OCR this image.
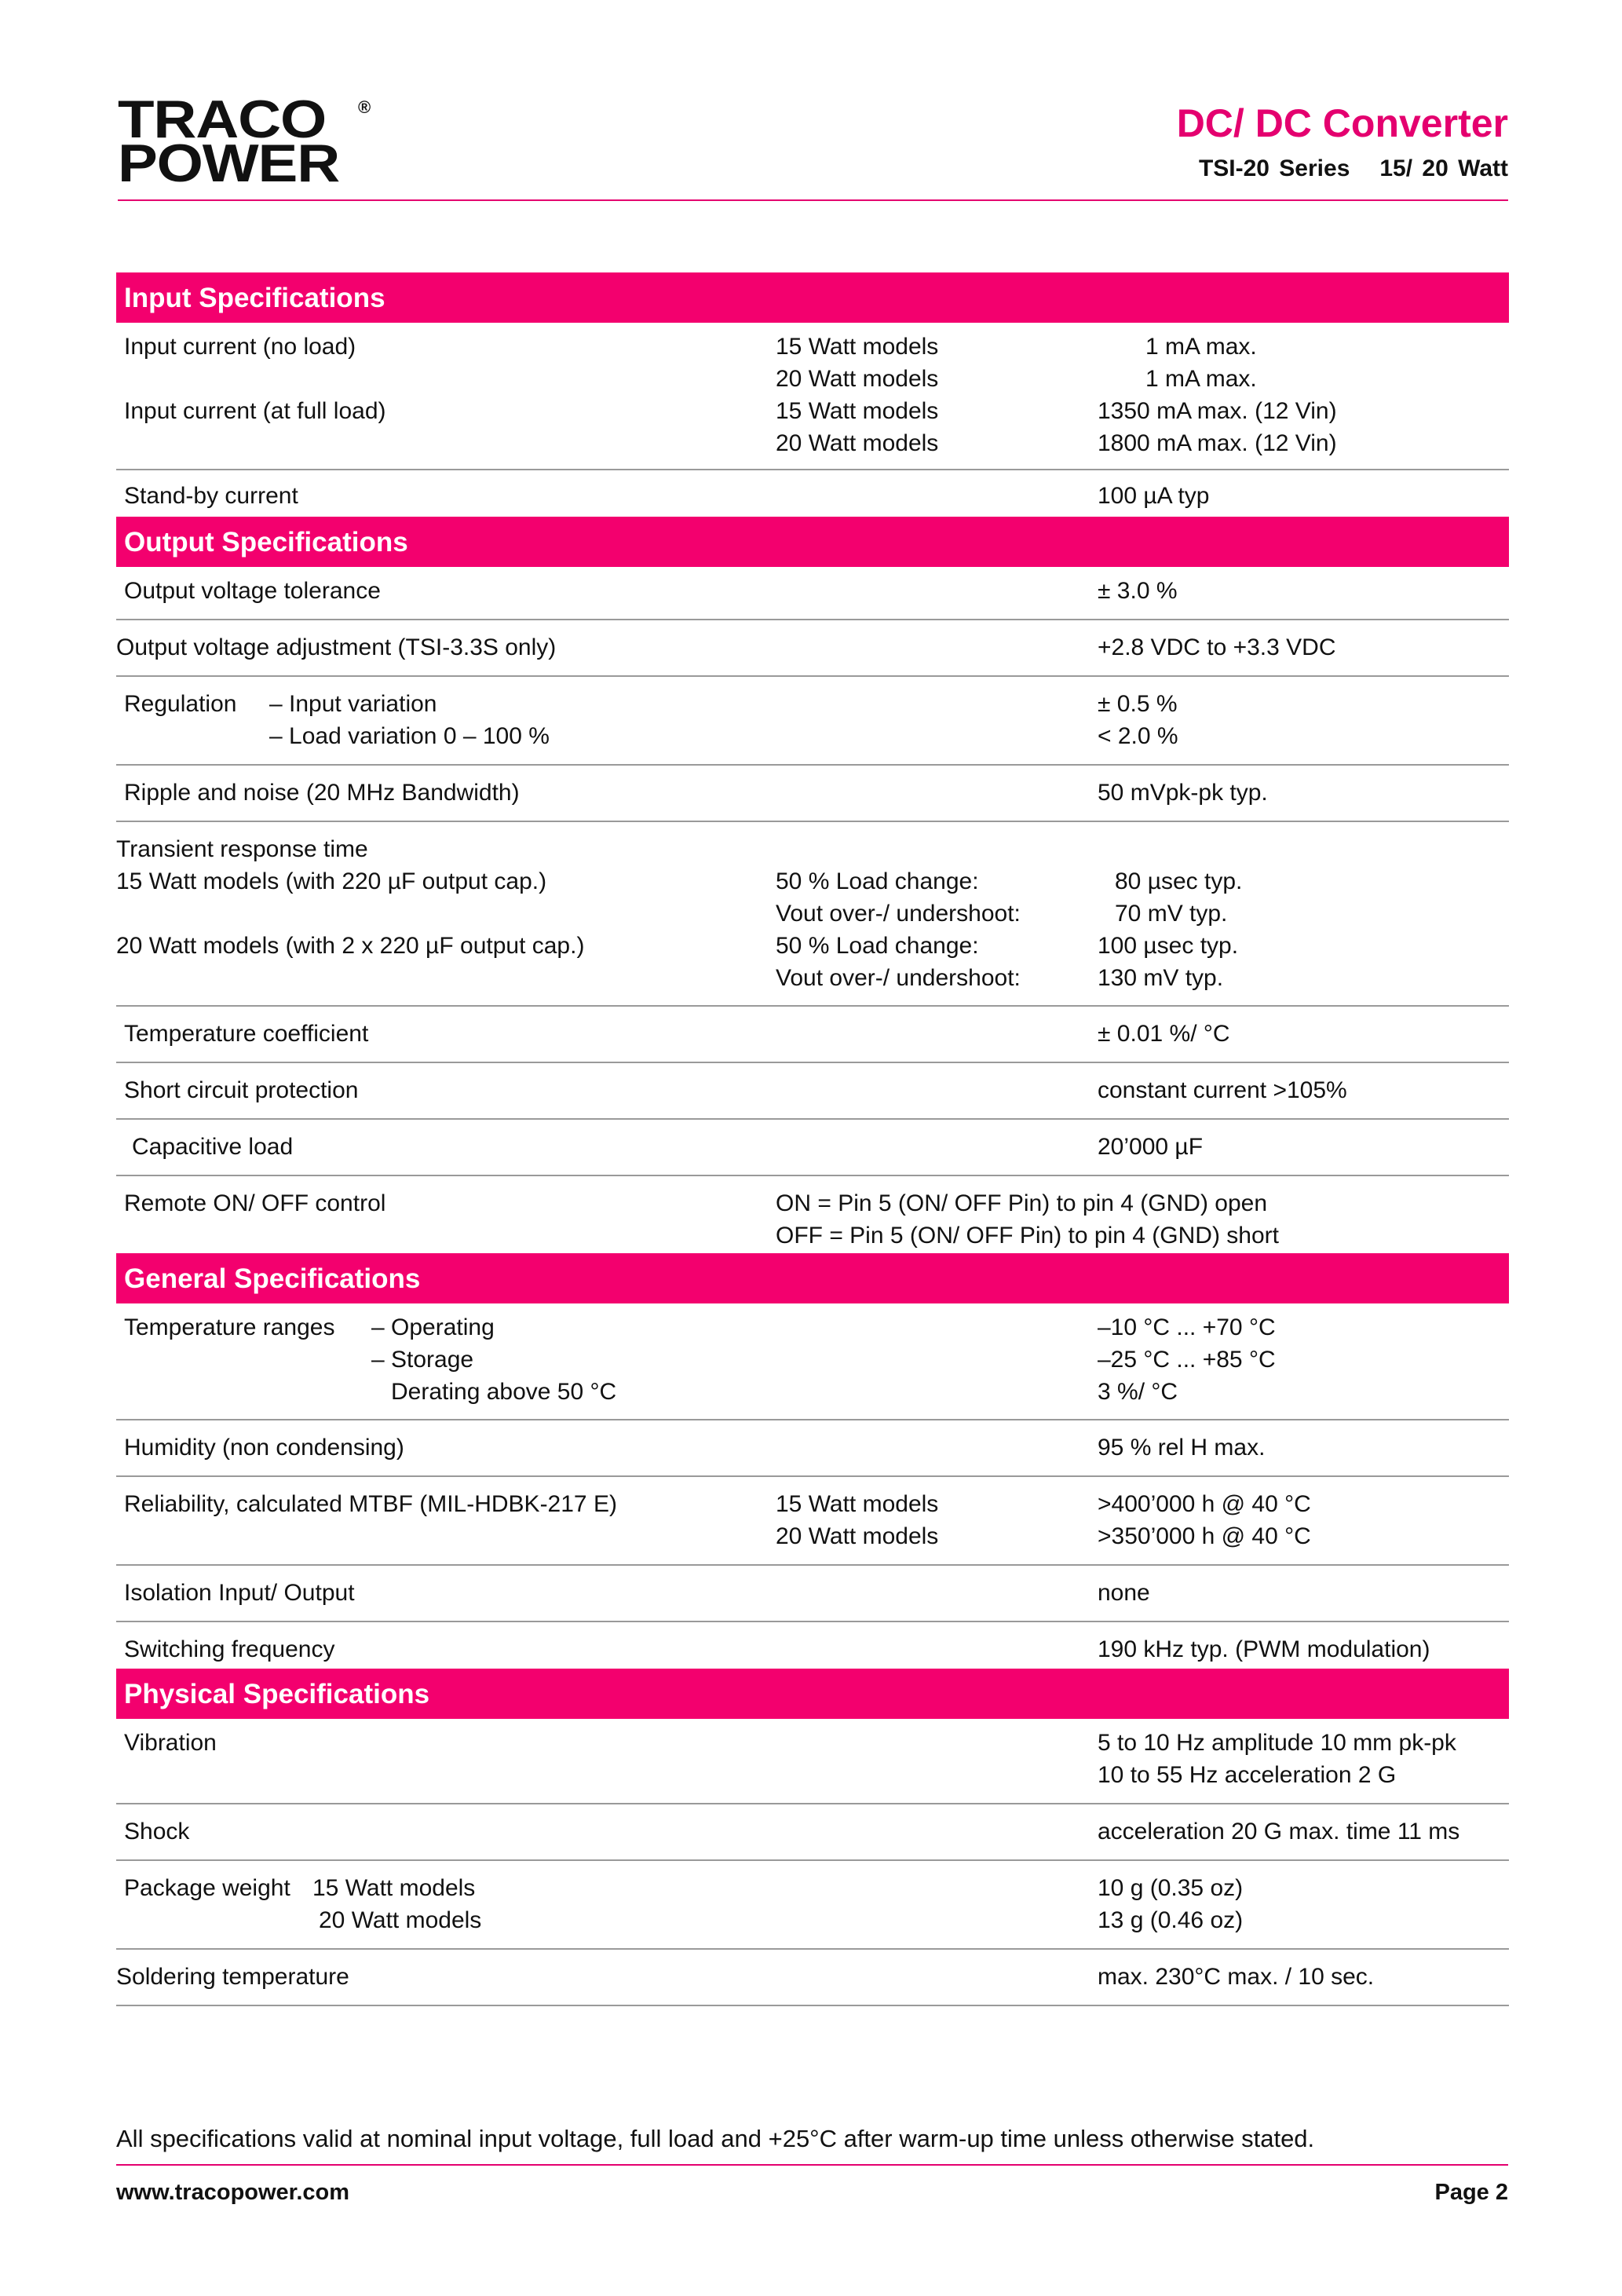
TRACO
POWER
®	DC/ DC Converter
TSI-20 Series 15/ 20 Watt
Input Specifications
Input current (no load)	15 Watt models	1 mA max.
20 Watt models	1 mA max.
Input current (at full load)	15 Watt models	1350 mA max. (12 Vin)
20 Watt models	1800 mA max. (12 Vin)
Stand-by current	100 µA typ
Output Specifications
Output voltage tolerance	± 3.0 %
Output voltage adjustment (TSI-3.3S only)	+2.8 VDC to +3.3 VDC
Regulation – Input variation	± 0.5 %
– Load variation 0 – 100 %	< 2.0 %
Ripple and noise (20 MHz Bandwidth)	50 mVpk-pk typ.
Transient response time
15 Watt models (with 220 µF output cap.)	50 % Load change:	80 µsec typ.
Vout over-/ undershoot:	70 mV typ.
20 Watt models (with 2 x 220 µF output cap.)	50 % Load change:	100 µsec typ.
Vout over-/ undershoot:	130 mV typ.
Temperature coefficient	± 0.01 %/ °C
Short circuit protection	constant current >105%
Capacitive load	20’000 µF
Remote ON/ OFF control	ON = Pin 5 (ON/ OFF Pin) to pin 4 (GND) open
OFF = Pin 5 (ON/ OFF Pin) to pin 4 (GND) short
General Specifications
Temperature ranges – Operating	–10 °C ... +70 °C
– Storage	–25 °C ... +85 °C
Derating above 50 °C	3 %/ °C
Humidity (non condensing)	95 % rel H max.
Reliability, calculated MTBF (MIL-HDBK-217 E)	15 Watt models	>400’000 h @ 40 °C
20 Watt models	>350’000 h @ 40 °C
Isolation Input/ Output	none
Switching frequency	190 kHz typ. (PWM modulation)
Physical Specifications
Vibration	5 to 10 Hz amplitude 10 mm pk-pk
10 to 55 Hz acceleration 2 G
Shock	acceleration 20 G max. time 11 ms
Package weight 15 Watt models	10 g (0.35 oz)
20 Watt models	13 g (0.46 oz)
Soldering temperature	max. 230°C max. / 10 sec.
All specifications valid at nominal input voltage, full load and +25°C after warm-up time unless otherwise stated.
www.tracopower.com	Page 2
